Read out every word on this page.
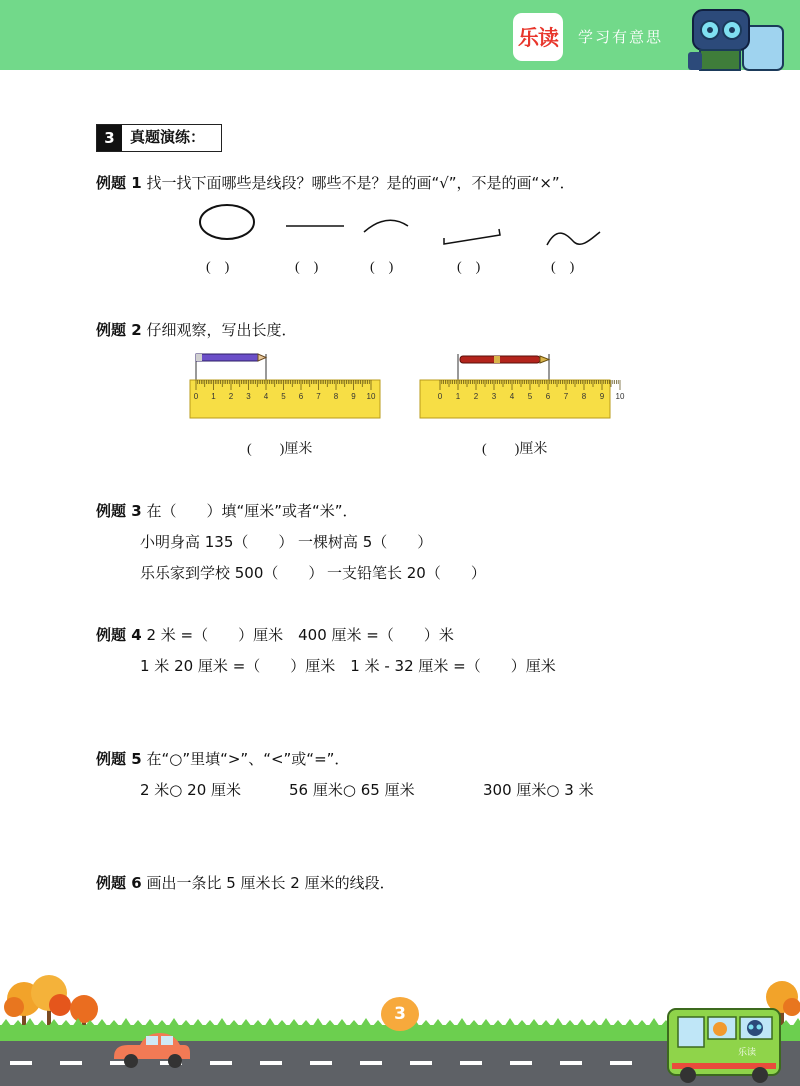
乐读 学习有意思
3	真题演练：
例题 1 找一找下面哪些是线段？哪些不是？是的画“√”，不是的画“×”．
(　)	(　)	(　)	(　)	(　)
例题 2 仔细观察，写出长度．
0 1 2 3 4 5 6 7 8 9 10	0 1 2 3 4 5 6 7 8 9 10
(　　)厘米	(　　)厘米
例题 3 在（　　）填“厘米”或者“米”．
小明身高 135（　　） 一棵树高 5（　　）
乐乐家到学校 500（　　） 一支铅笔长 20（　　）
例题 4 2 米 =（　　）厘米　400 厘米 =（　　）米
1 米 20 厘米 =（　　）厘米　1 米 - 32 厘米 =（　　）厘米
例题 5 在“○”里填“>”、“<”或“=”．
2 米○ 20 厘米	56 厘米○ 65 厘米	300 厘米○ 3 米
例题 6 画出一条比 5 厘米长 2 厘米的线段．
乐读
3
